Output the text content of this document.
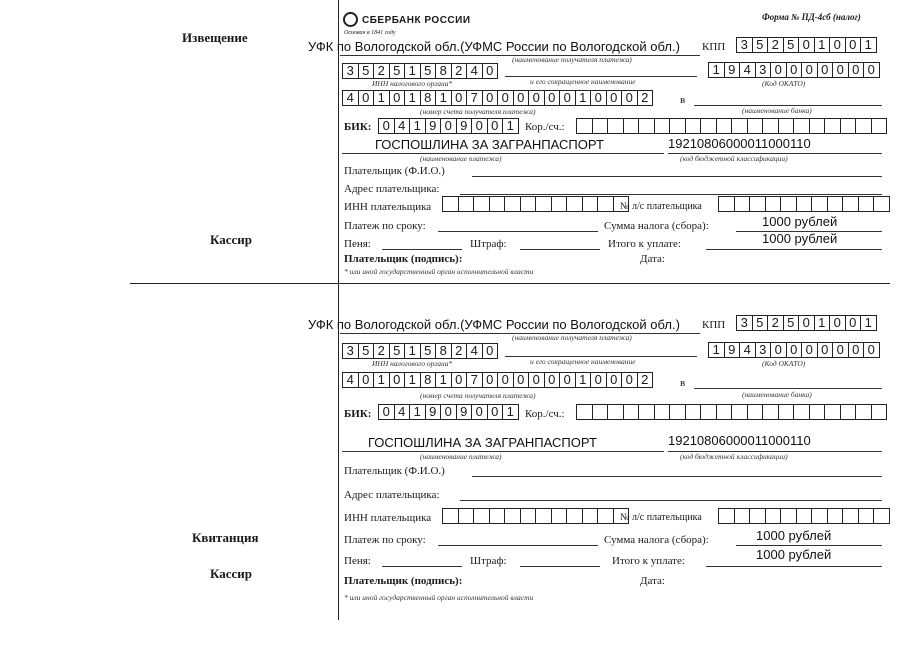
СБЕРБАНК РОССИИ
Основан в 1841 году
Форма № ПД-4сб (налог)
Извещение
Кассир
УФК по Вологодской обл.(УФМС России по Вологодской обл.) КПП	3 5 2 5 0 1 0 0 1
(наименование получателя платежа)
3 5 2 5 1 5 8 2 4 0	1 9 4 3 0 0 0 0 0 0 0
ИНН налогового органа*	и его сокращенное наименование	(Код ОКАТО)
4 0 1 0 1 8 1 0 7 0 0 0 0 0 0 1 0 0 0 2	в
(номер счета получателя платежа)	(наименование банка)
БИК: 0 4 1 9 0 9 0 0 1	Кор./сч.:
ГОСПОШЛИНА ЗА ЗАГРАНПАСПОРТ	19210806000011000110
(наименование платежа)	(код бюджетной классификации)
Плательщик (Ф.И.О.)
Адрес плательщика:
ИНН плательщика	№ л/с плательщика
Платеж по сроку:	Сумма налога (сбора):	1000 рублей
Пеня:	Штраф:	Итого к уплате:	1000 рублей
Плательщик (подпись):	Дата:
* или иной государственный орган исполнительной власти
Квитанция
Кассир
УФК по Вологодской обл.(УФМС России по Вологодской обл.) КПП	3 5 2 5 0 1 0 0 1
(наименование получателя платежа)
3 5 2 5 1 5 8 2 4 0	1 9 4 3 0 0 0 0 0 0 0
ИНН налогового органа*	и его сокращенное наименование	(Код ОКАТО)
4 0 1 0 1 8 1 0 7 0 0 0 0 0 0 1 0 0 0 2	в
(номер счета получателя платежа)	(наименование банка)
БИК: 0 4 1 9 0 9 0 0 1	Кор./сч.:
ГОСПОШЛИНА ЗА ЗАГРАНПАСПОРТ	19210806000011000110
(наименование платежа)	(код бюджетной классификации)
Плательщик (Ф.И.О.)
Адрес плательщика:
ИНН плательщика	№ л/с плательщика
Платеж по сроку:	Сумма налога (сбора):	1000 рублей
Пеня:	Штраф:	Итого к уплате:	1000 рублей
Плательщик (подпись):	Дата:
* или иной государственный орган исполнительной власти
